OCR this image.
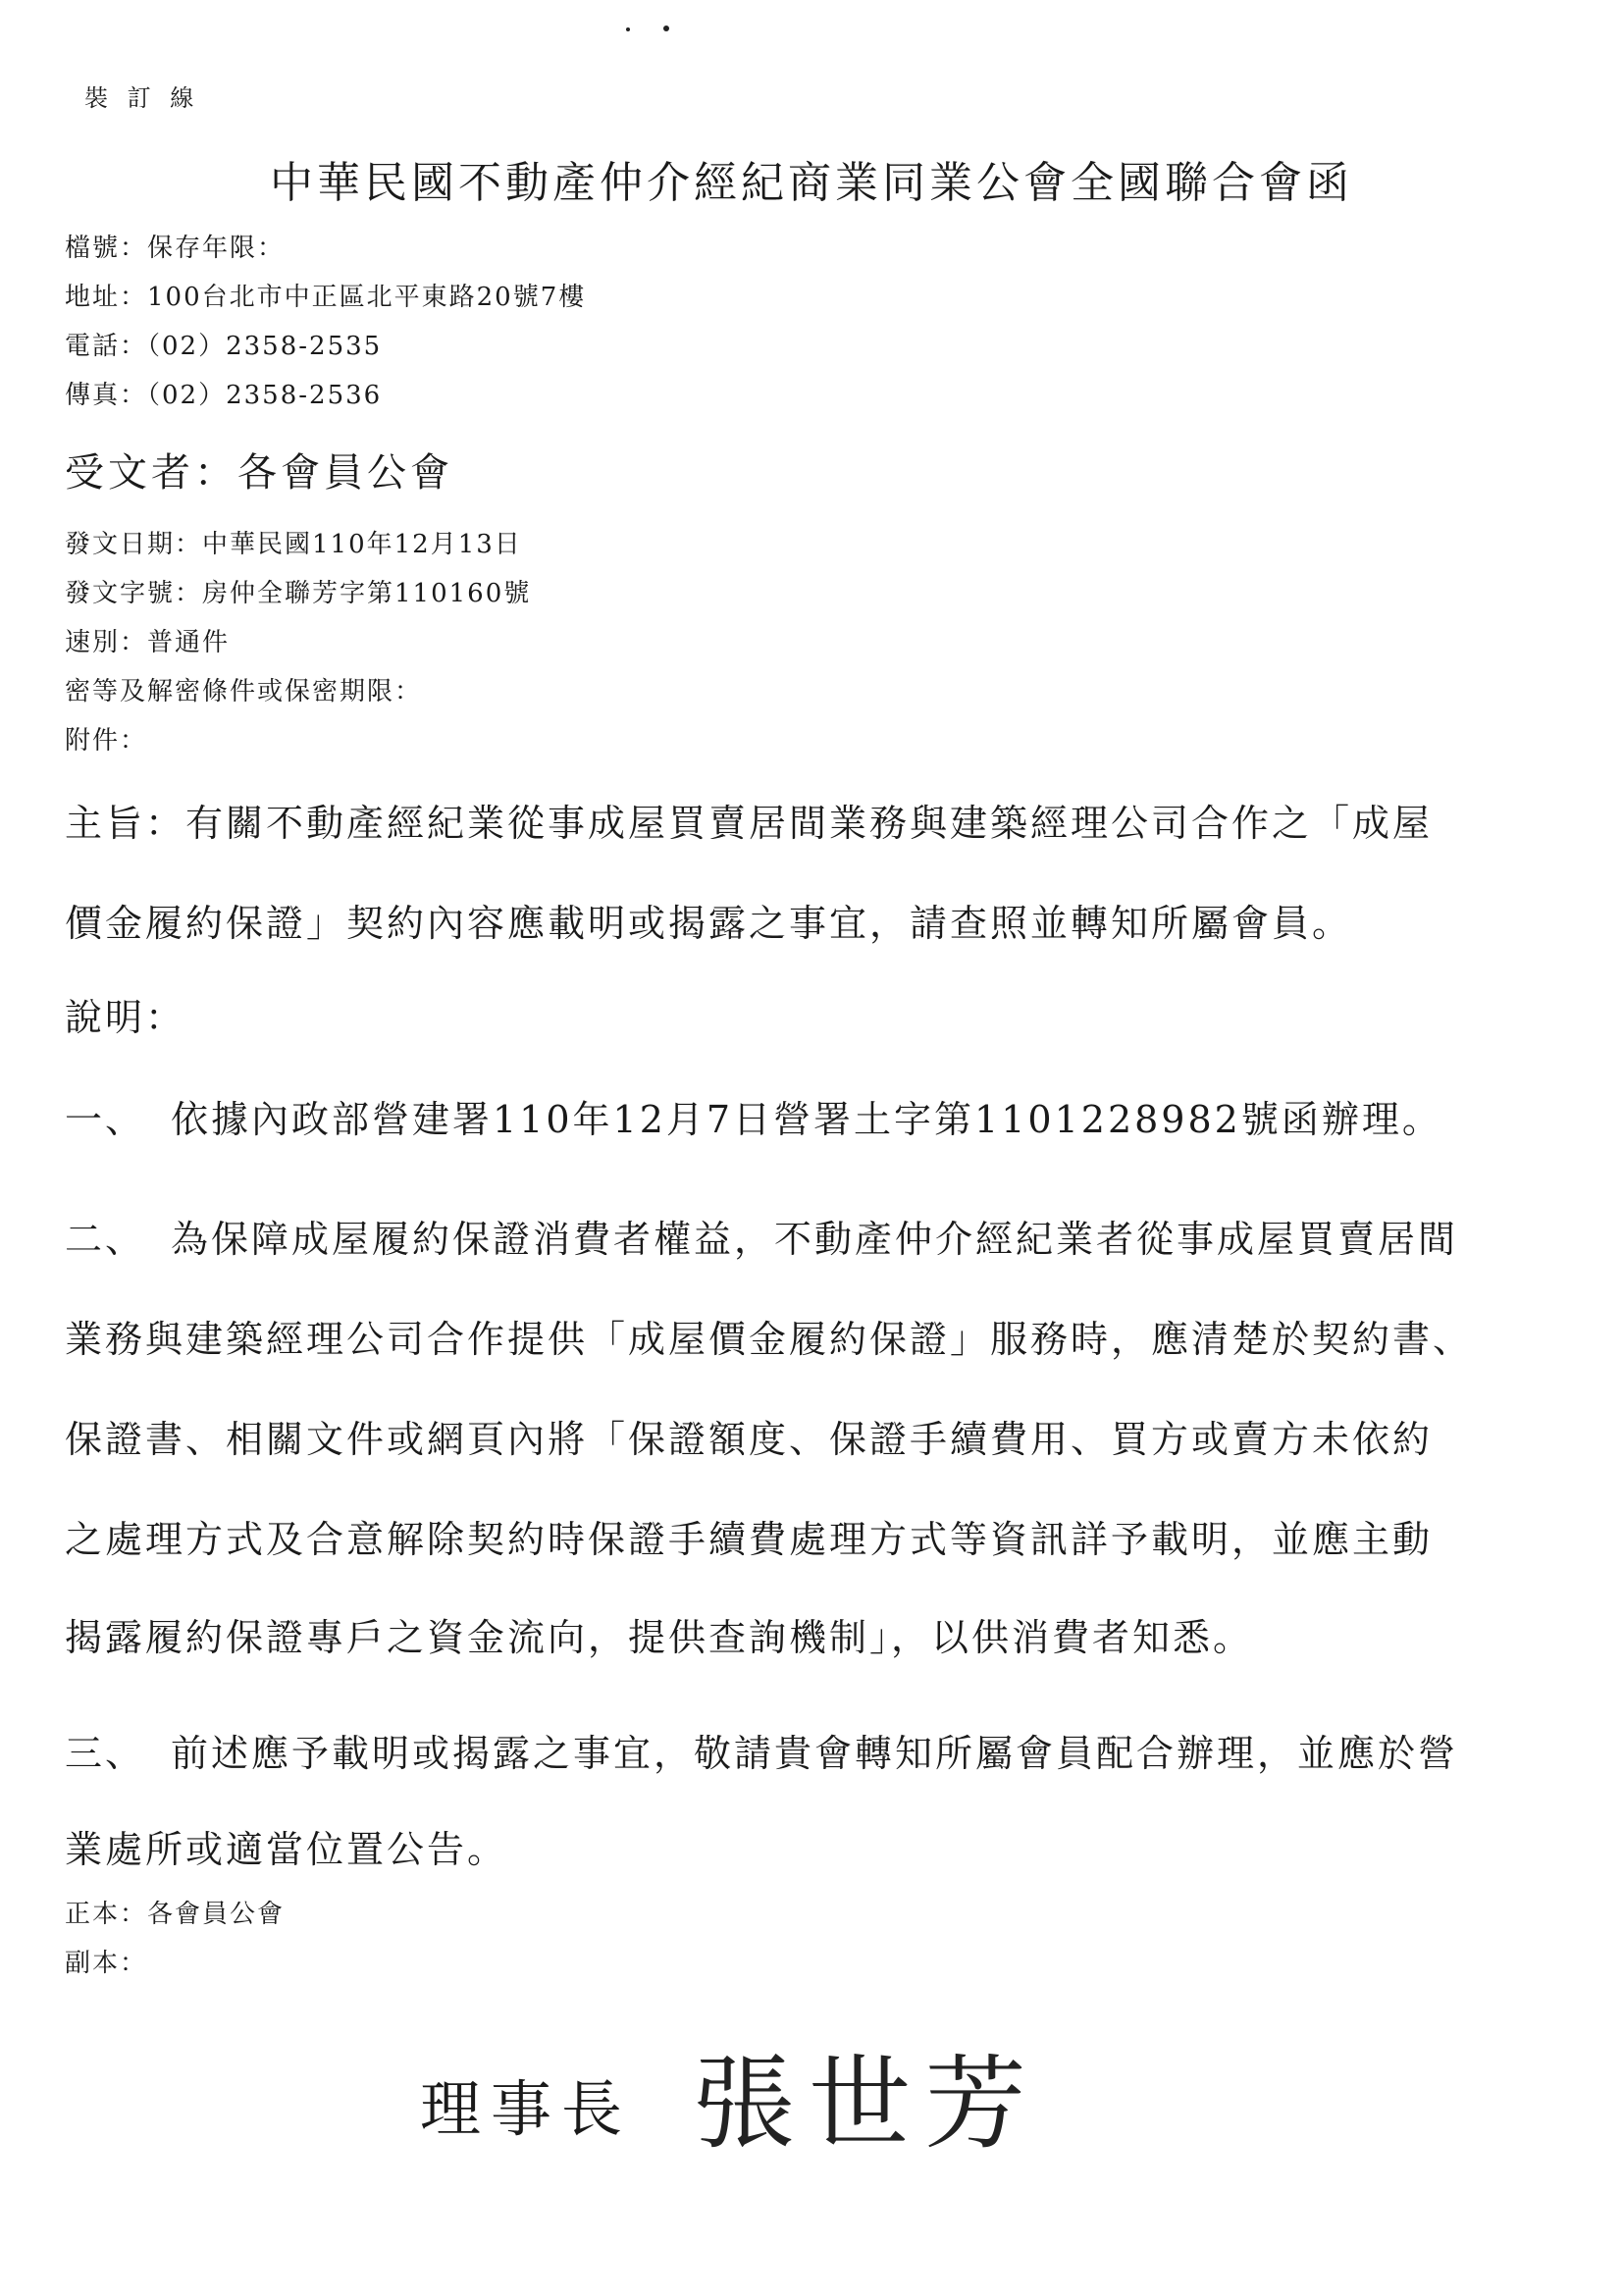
裝 訂 線
中華民國不動產仲介經紀商業同業公會全國聯合會函
檔號：保存年限：
地址：100台北市中正區北平東路20號7樓
電話：（02）2358-2535
傳真：（02）2358-2536
受文者：各會員公會
發文日期：中華民國110年12月13日
發文字號：房仲全聯芳字第110160號
速別：普通件
密等及解密條件或保密期限：
附件：
主旨：有關不動產經紀業從事成屋買賣居間業務與建築經理公司合作之「成屋
價金履約保證」契約內容應載明或揭露之事宜，請查照並轉知所屬會員。
說明：
一、 依據內政部營建署110年12月7日營署土字第1101228982號函辦理。
二、 為保障成屋履約保證消費者權益，不動產仲介經紀業者從事成屋買賣居間
業務與建築經理公司合作提供「成屋價金履約保證」服務時，應清楚於契約書、
保證書、相關文件或網頁內將「保證額度、保證手續費用、買方或賣方未依約
之處理方式及合意解除契約時保證手續費處理方式等資訊詳予載明，並應主動
揭露履約保證專戶之資金流向，提供查詢機制」，以供消費者知悉。
三、 前述應予載明或揭露之事宜，敬請貴會轉知所屬會員配合辦理，並應於營
業處所或適當位置公告。
正本：各會員公會
副本：
理事長 張世芳
